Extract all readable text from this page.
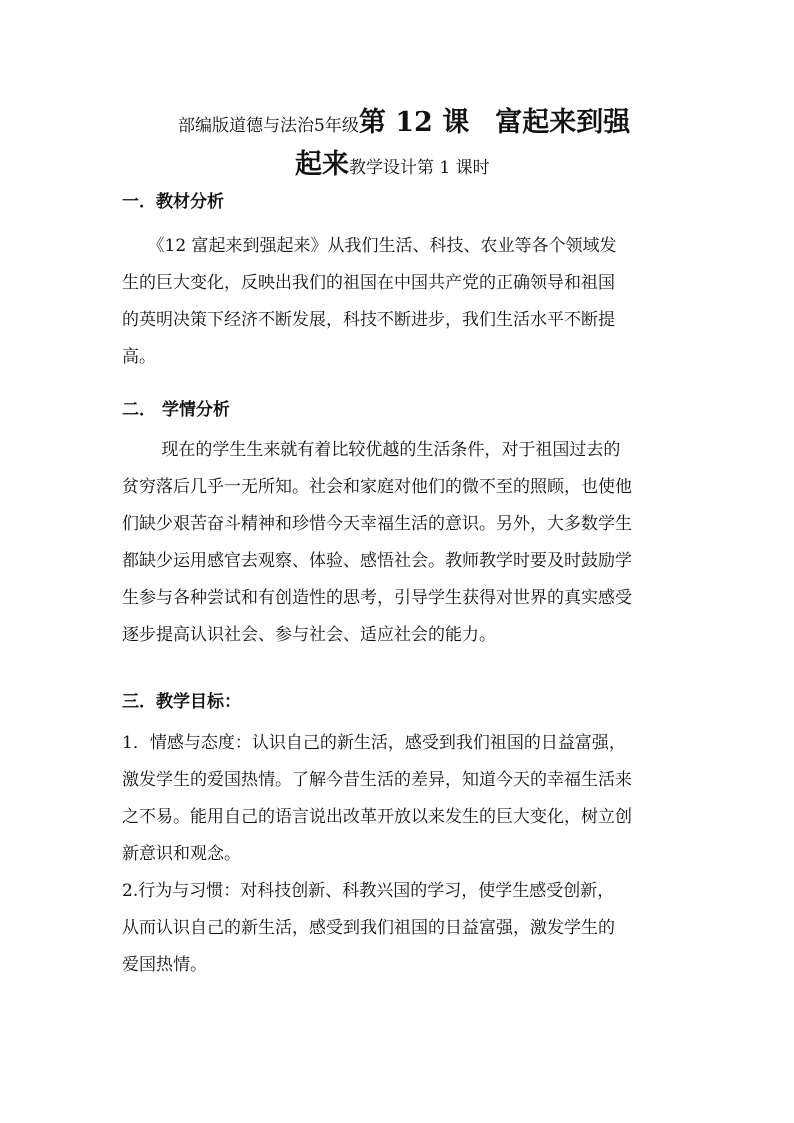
部编版道德与法治5年级第 12 课 富起来到强
起来教学设计第 1 课时
一．教材分析

　　《12 富起来到强起来》从我们生活、科技、农业等各个领域发

生的巨大变化，反映出我们的祖国在中国共产党的正确领导和祖国

的英明决策下经济不断发展，科技不断进步，我们生活水平不断提

高。

二． 学情分析

　　 现在的学生生来就有着比较优越的生活条件，对于祖国过去的

贫穷落后几乎一无所知。社会和家庭对他们的微不至的照顾，也使他

们缺少艰苦奋斗精神和珍惜今天幸福生活的意识。另外，大多数学生

都缺少运用感官去观察、体验、感悟社会。教师教学时要及时鼓励学

生参与各种尝试和有创造性的思考，引导学生获得对世界的真实感受

逐步提高认识社会、参与社会、适应社会的能力。

三．教学目标：

1．情感与态度：认识自己的新生活，感受到我们祖国的日益富强，

激发学生的爱国热情。了解今昔生活的差异，知道今天的幸福生活来

之不易。能用自己的语言说出改革开放以来发生的巨大变化，树立创

新意识和观念。

2.行为与习惯：对科技创新、科教兴国的学习，使学生感受创新，

从而认识自己的新生活，感受到我们祖国的日益富强，激发学生的

爱国热情。
